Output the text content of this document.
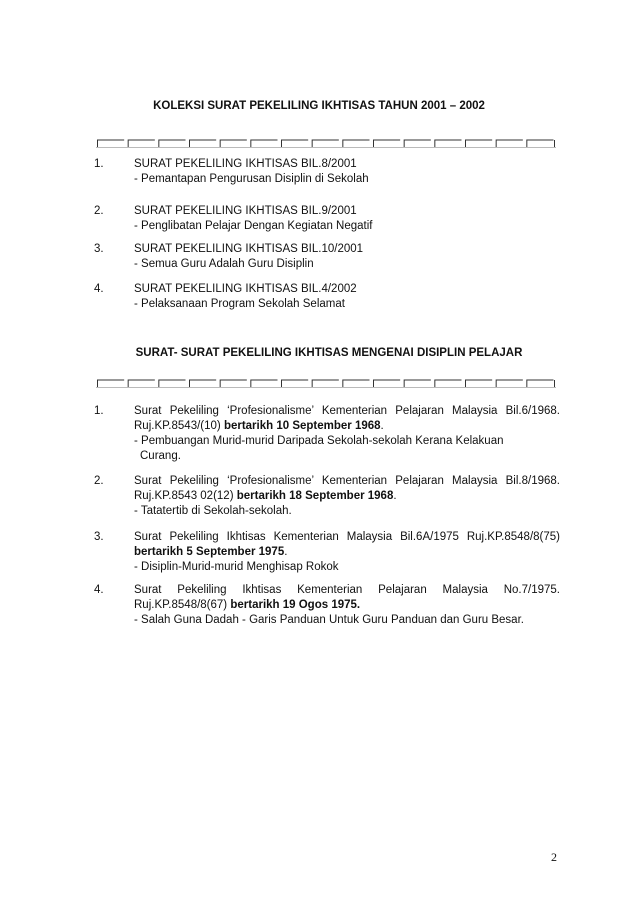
KOLEKSI SURAT PEKELILING IKHTISAS TAHUN 2001 – 2002
1.	SURAT PEKELILING IKHTISAS BIL.8/2001
- Pemantapan Pengurusan Disiplin di Sekolah
2.	SURAT PEKELILING IKHTISAS BIL.9/2001
- Penglibatan Pelajar Dengan Kegiatan Negatif
3.	SURAT PEKELILING IKHTISAS BIL.10/2001
- Semua Guru Adalah Guru Disiplin
4.	SURAT PEKELILING IKHTISAS BIL.4/2002
- Pelaksanaan Program Sekolah Selamat
SURAT- SURAT PEKELILING IKHTISAS MENGENAI DISIPLIN PELAJAR
1.	Surat Pekeliling ‘Profesionalisme’ Kementerian Pelajaran Malaysia Bil.6/1968.
Ruj.KP.8543/(10) bertarikh 10 September 1968.
- Pembuangan Murid-murid Daripada Sekolah-sekolah Kerana Kelakuan
Curang.
2.	Surat Pekeliling ‘Profesionalisme’ Kementerian Pelajaran Malaysia Bil.8/1968.
Ruj.KP.8543 02(12) bertarikh 18 September 1968.
- Tatatertib di Sekolah-sekolah.
3.	Surat Pekeliling Ikhtisas Kementerian Malaysia Bil.6A/1975 Ruj.KP.8548/8(75)
bertarikh 5 September 1975.
- Disiplin-Murid-murid Menghisap Rokok
4.	Surat Pekeliling Ikhtisas Kementerian Pelajaran Malaysia No.7/1975.
Ruj.KP.8548/8(67) bertarikh 19 Ogos 1975.
- Salah Guna Dadah - Garis Panduan Untuk Guru Panduan dan Guru Besar.
2
